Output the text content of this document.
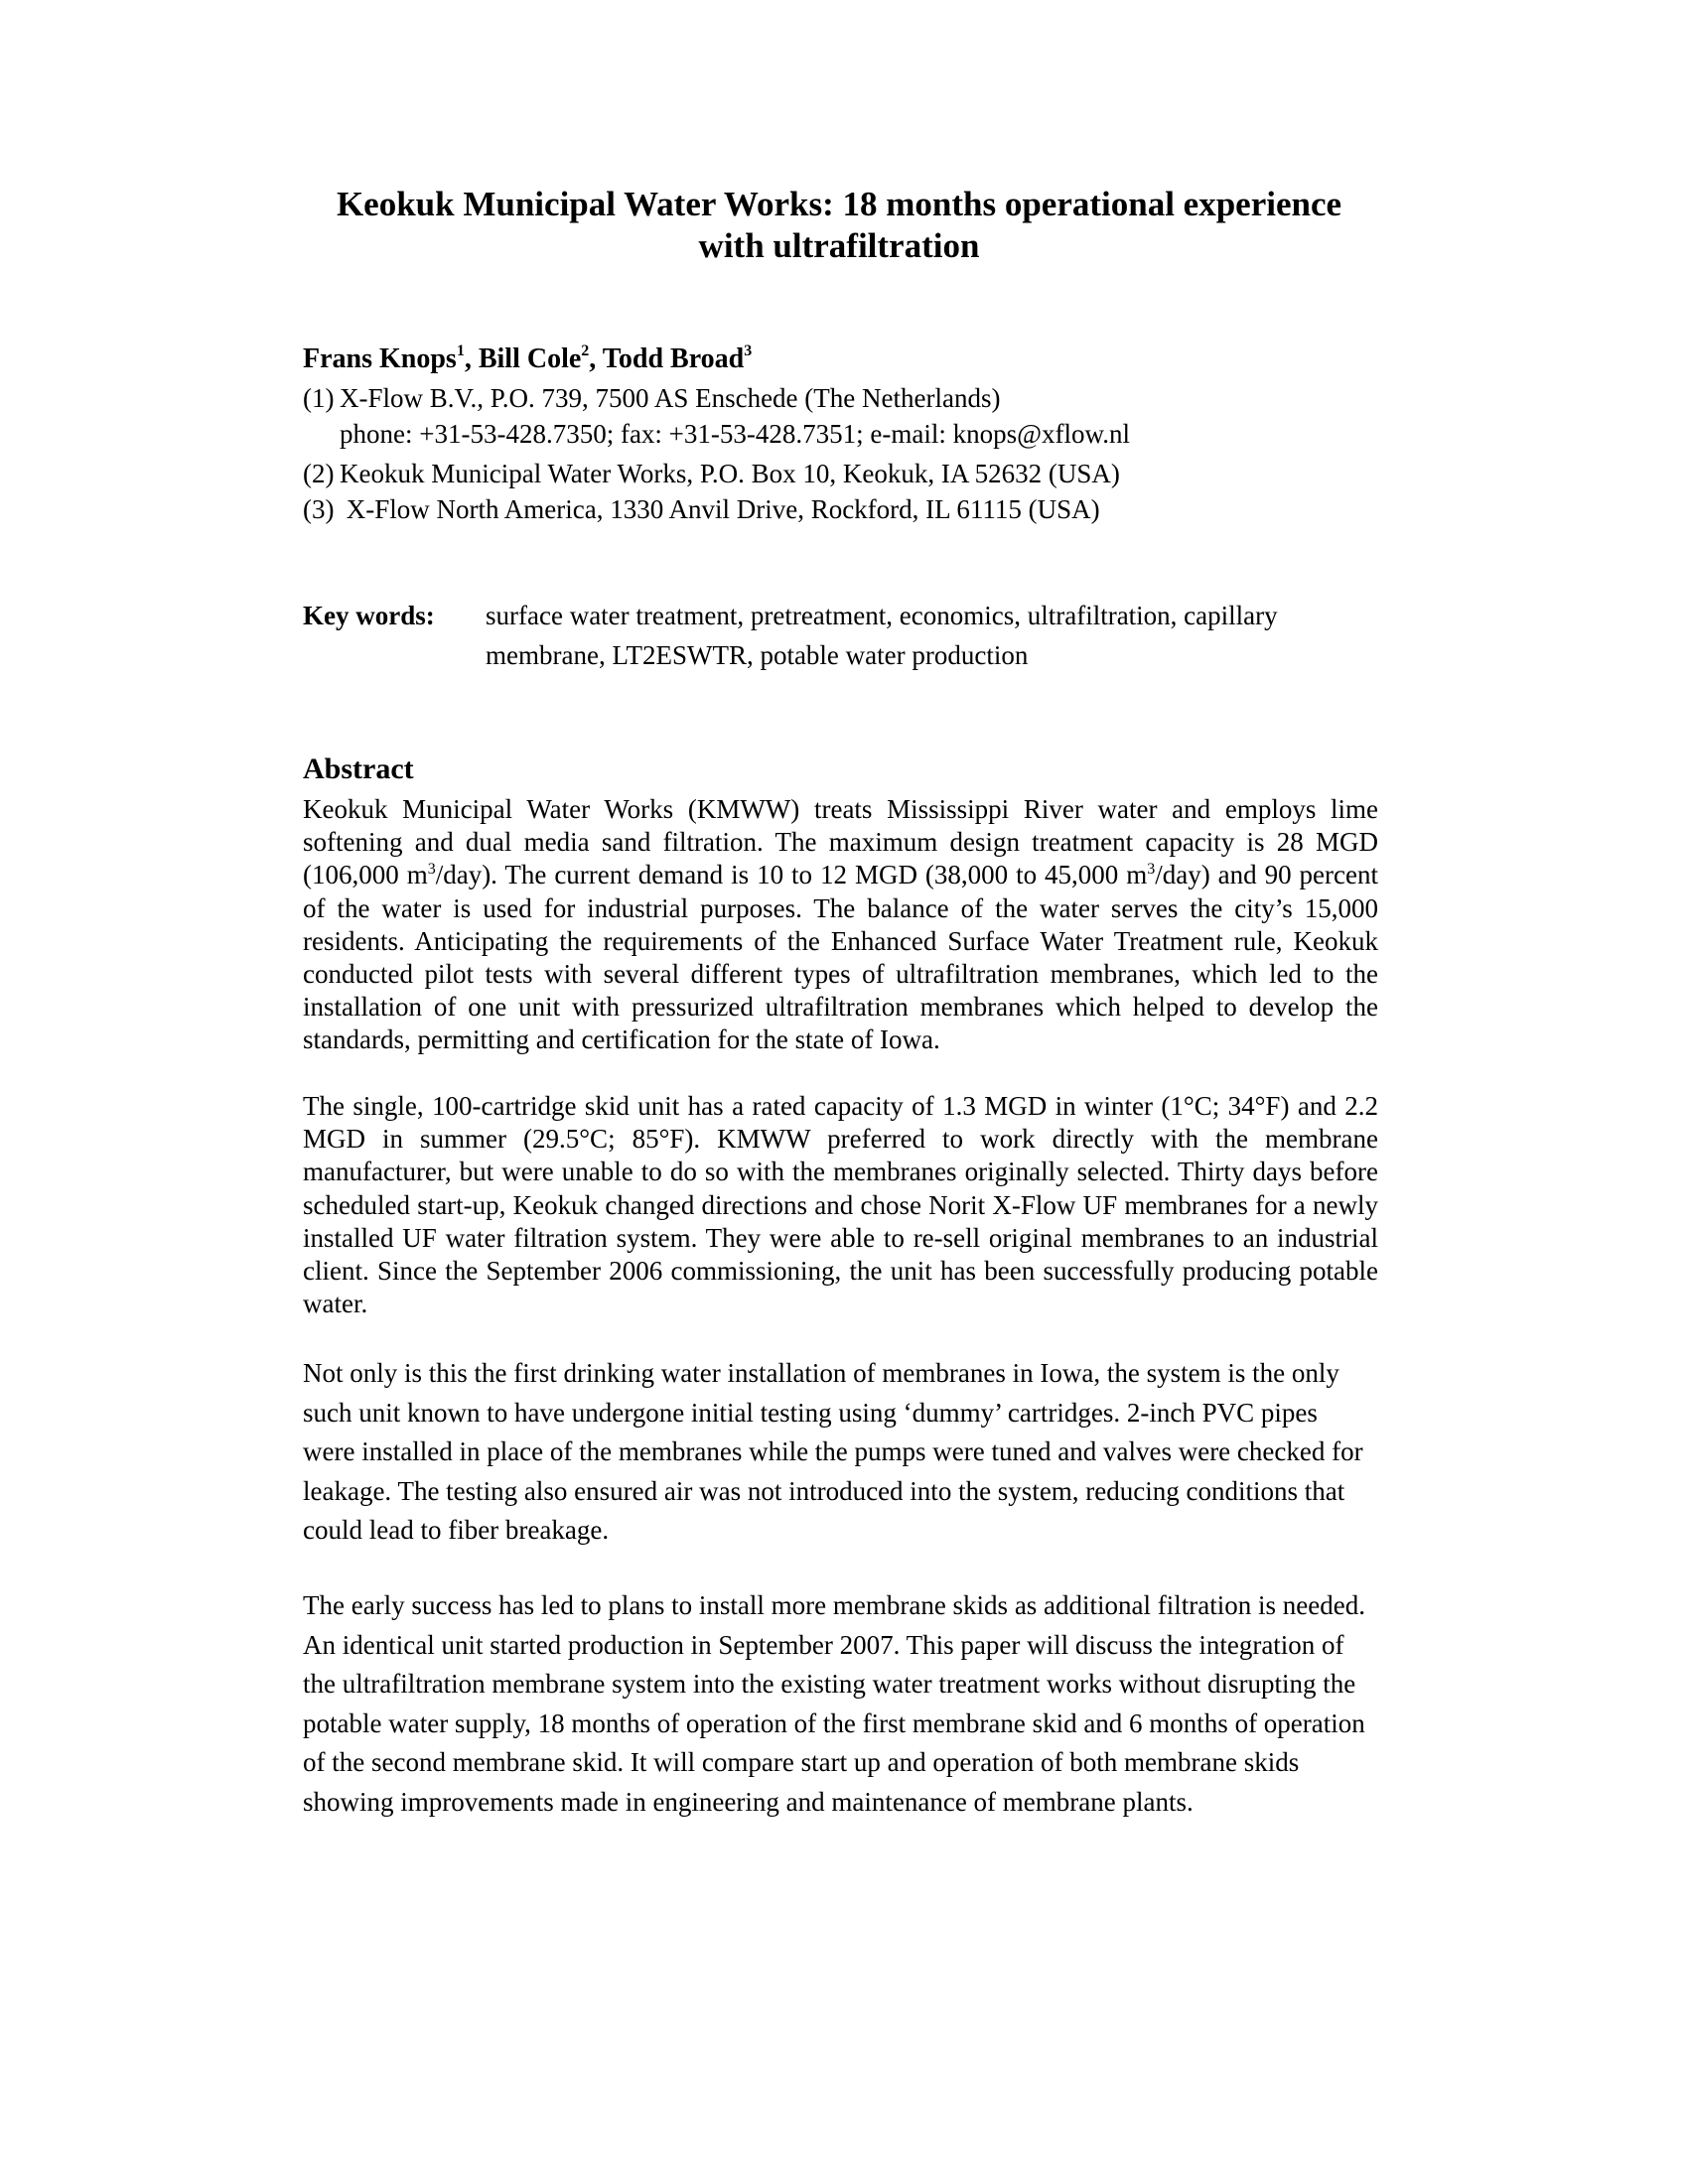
Keokuk Municipal Water Works: 18 months operational experience
with ultrafiltration
Frans Knops$^1$, Bill Cole$^2$, Todd Broad$^3$
(1) X-Flow B.V., P.O. 739, 7500 AS Enschede (The Netherlands)
phone: +31-53-428.7350; fax: +31-53-428.7351; e-mail: knops@xflow.nl
(2) Keokuk Municipal Water Works, P.O. Box 10, Keokuk, IA 52632 (USA)
(3) X-Flow North America, 1330 Anvil Drive, Rockford, IL 61115 (USA)
Key words:	surface water treatment, pretreatment, economics, ultrafiltration, capillary membrane, LT2ESWTR, potable water production
Abstract
Keokuk Municipal Water Works (KMWW) treats Mississippi River water and employs lime softening and dual media sand filtration. The maximum design treatment capacity is 28 MGD (106,000 $m^3/day$). The current demand is 10 to 12 MGD (38,000 to 45,000 $m^3/day$) and 90 percent of the water is used for industrial purposes. The balance of the water serves the city’s 15,000 residents. Anticipating the requirements of the Enhanced Surface Water Treatment rule, Keokuk conducted pilot tests with several different types of ultrafiltration membranes, which led to the installation of one unit with pressurized ultrafiltration membranes which helped to develop the standards, permitting and certification for the state of Iowa.
The single, 100-cartridge skid unit has a rated capacity of 1.3 MGD in winter (1°C; 34°F) and 2.2 MGD in summer (29.5°C; 85°F). KMWW preferred to work directly with the membrane manufacturer, but were unable to do so with the membranes originally selected. Thirty days before scheduled start-up, Keokuk changed directions and chose Norit X-Flow UF membranes for a newly installed UF water filtration system. They were able to re-sell original membranes to an industrial client. Since the September 2006 commissioning, the unit has been successfully producing potable water.
Not only is this the first drinking water installation of membranes in Iowa, the system is the only such unit known to have undergone initial testing using ‘dummy’ cartridges. 2-inch PVC pipes were installed in place of the membranes while the pumps were tuned and valves were checked for leakage. The testing also ensured air was not introduced into the system, reducing conditions that could lead to fiber breakage.
The early success has led to plans to install more membrane skids as additional filtration is needed. An identical unit started production in September 2007. This paper will discuss the integration of the ultrafiltration membrane system into the existing water treatment works without disrupting the potable water supply, 18 months of operation of the first membrane skid and 6 months of operation of the second membrane skid. It will compare start up and operation of both membrane skids showing improvements made in engineering and maintenance of membrane plants.
